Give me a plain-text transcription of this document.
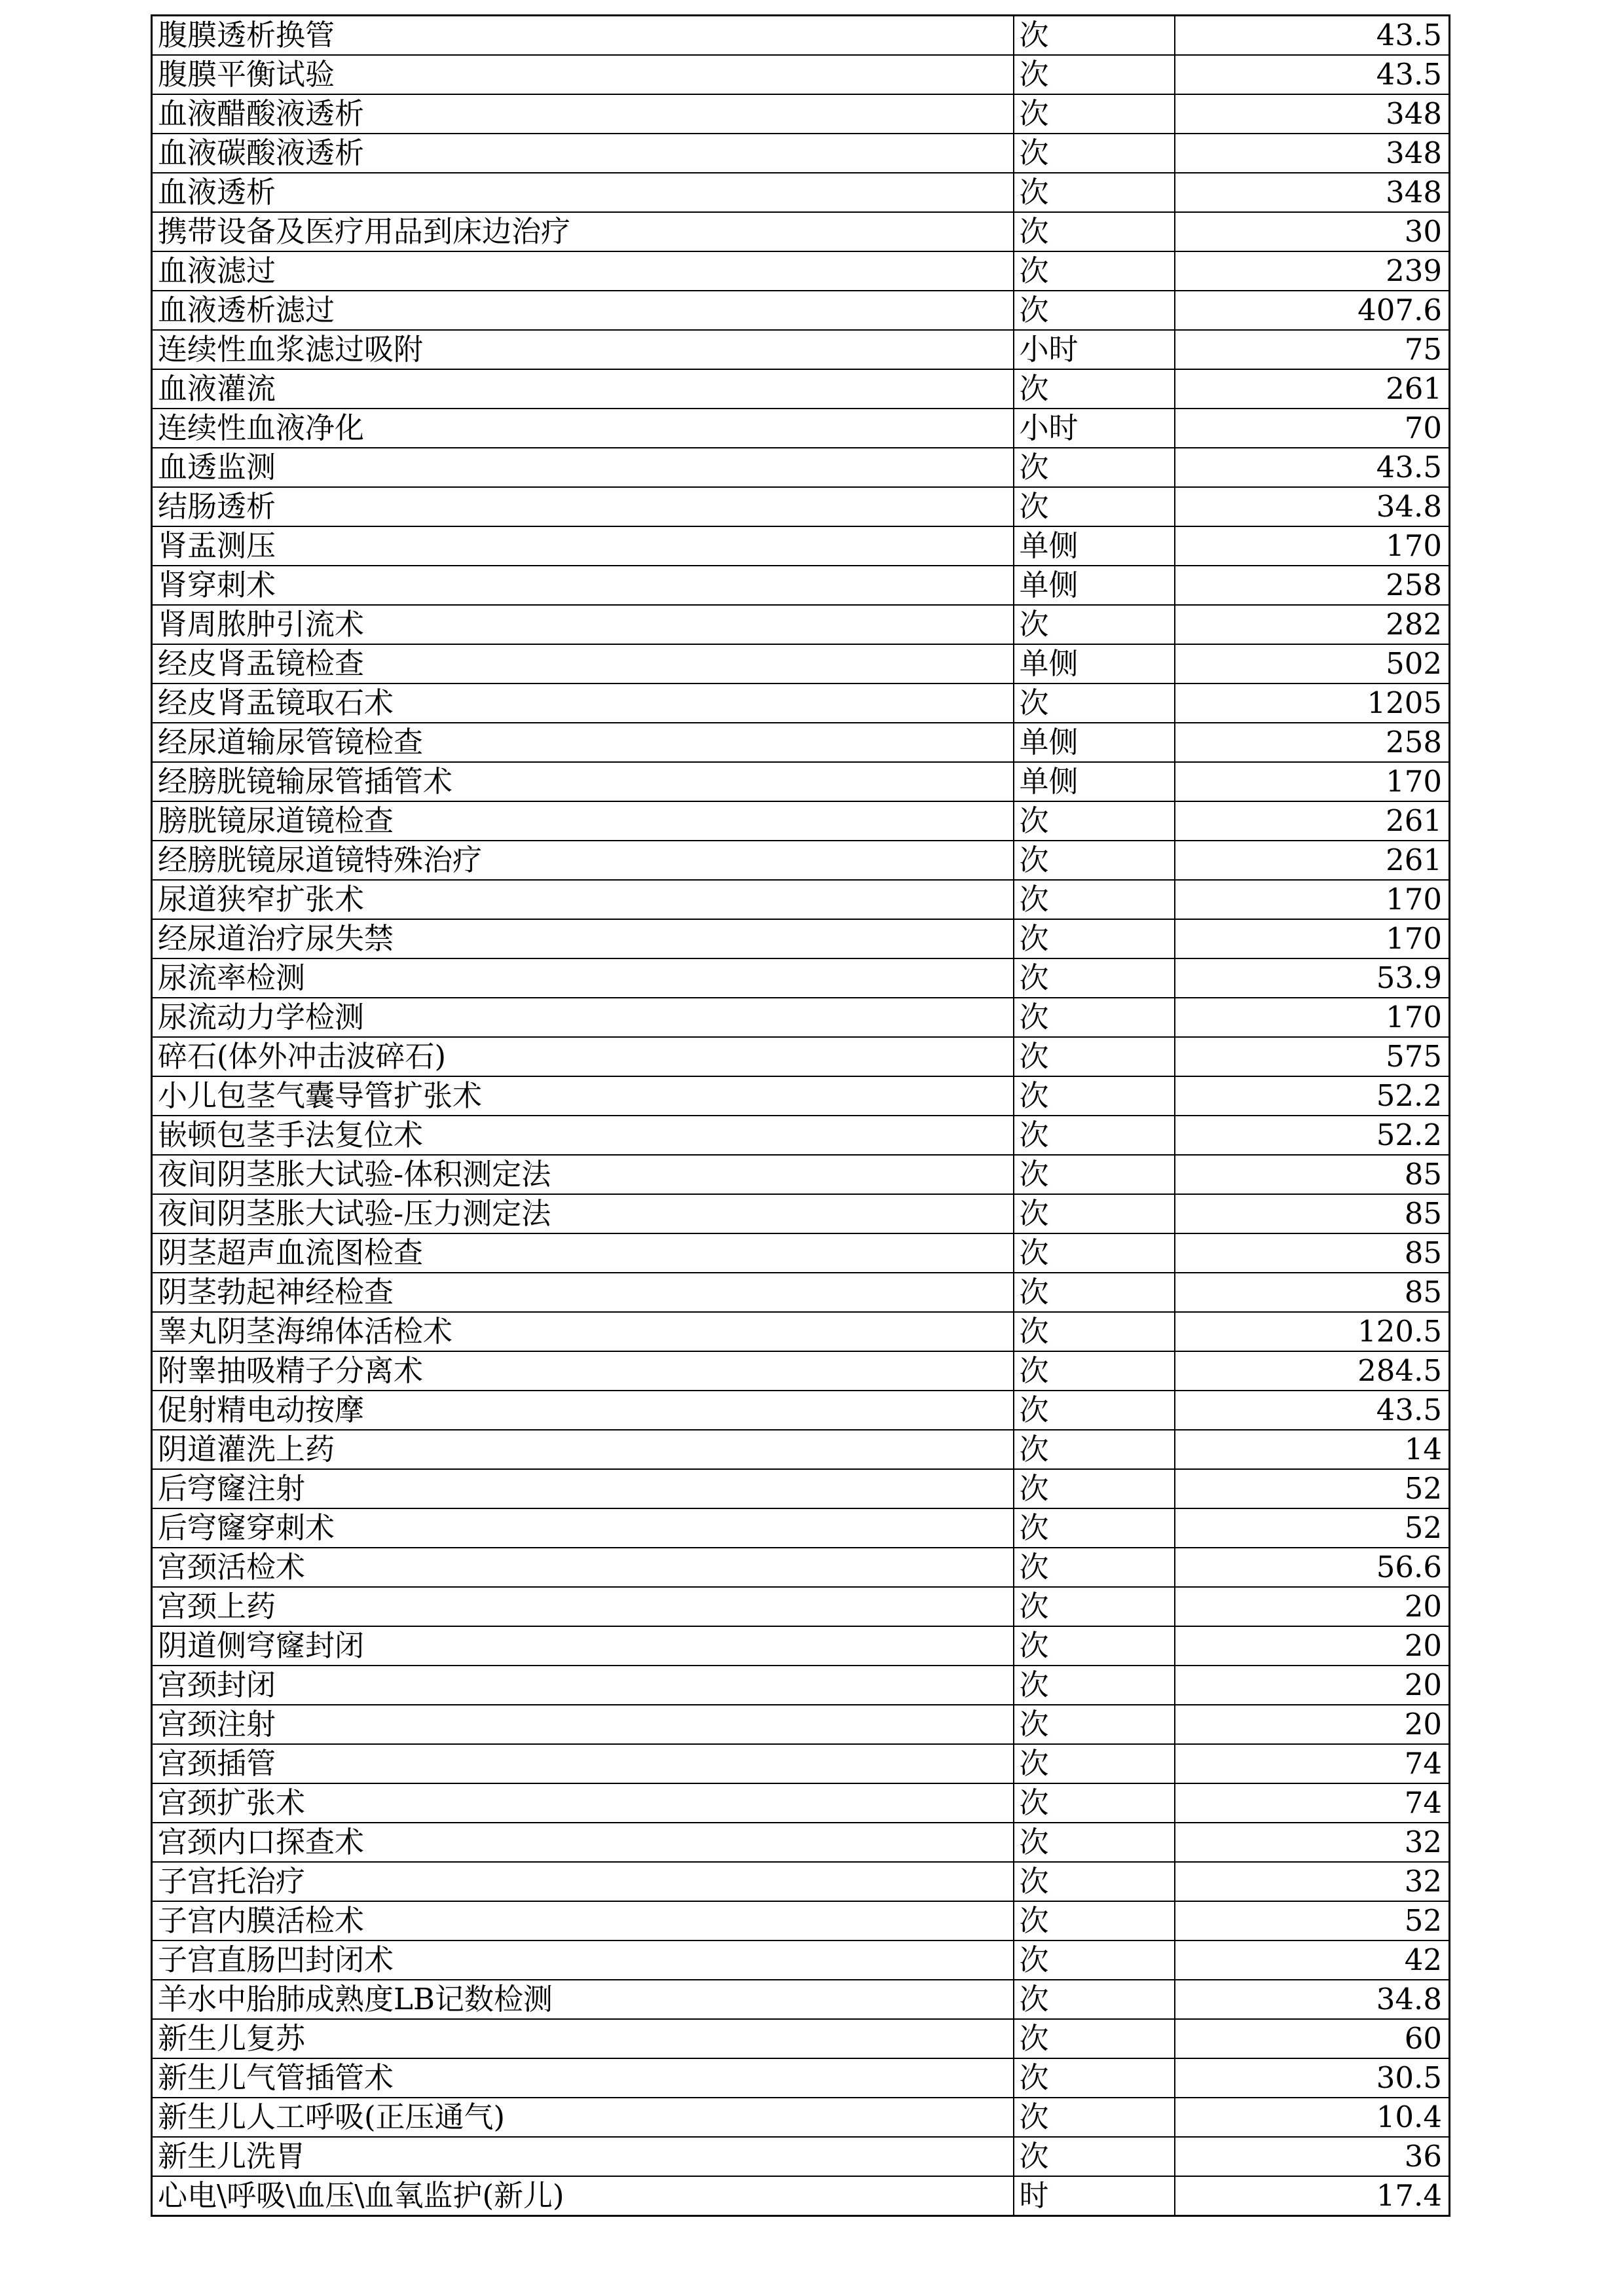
腹膜透析换管	次	43.5
腹膜平衡试验	次	43.5
血液醋酸液透析	次	348
血液碳酸液透析	次	348
血液透析	次	348
携带设备及医疗用品到床边治疗	次	30
血液滤过	次	239
血液透析滤过	次	407.6
连续性血浆滤过吸附	小时	75
血液灌流	次	261
连续性血液净化	小时	70
血透监测	次	43.5
结肠透析	次	34.8
肾盂测压	单侧	170
肾穿刺术	单侧	258
肾周脓肿引流术	次	282
经皮肾盂镜检查	单侧	502
经皮肾盂镜取石术	次	1205
经尿道输尿管镜检查	单侧	258
经膀胱镜输尿管插管术	单侧	170
膀胱镜尿道镜检查	次	261
经膀胱镜尿道镜特殊治疗	次	261
尿道狭窄扩张术	次	170
经尿道治疗尿失禁	次	170
尿流率检测	次	53.9
尿流动力学检测	次	170
碎石(体外冲击波碎石)	次	575
小儿包茎气囊导管扩张术	次	52.2
嵌顿包茎手法复位术	次	52.2
夜间阴茎胀大试验-体积测定法	次	85
夜间阴茎胀大试验-压力测定法	次	85
阴茎超声血流图检查	次	85
阴茎勃起神经检查	次	85
睾丸阴茎海绵体活检术	次	120.5
附睾抽吸精子分离术	次	284.5
促射精电动按摩	次	43.5
阴道灌洗上药	次	14
后穹窿注射	次	52
后穹窿穿刺术	次	52
宫颈活检术	次	56.6
宫颈上药	次	20
阴道侧穹窿封闭	次	20
宫颈封闭	次	20
宫颈注射	次	20
宫颈插管	次	74
宫颈扩张术	次	74
宫颈内口探查术	次	32
子宫托治疗	次	32
子宫内膜活检术	次	52
子宫直肠凹封闭术	次	42
羊水中胎肺成熟度LB记数检测	次	34.8
新生儿复苏	次	60
新生儿气管插管术	次	30.5
新生儿人工呼吸(正压通气)	次	10.4
新生儿洗胃	次	36
心电\呼吸\血压\血氧监护(新儿)	时	17.4
